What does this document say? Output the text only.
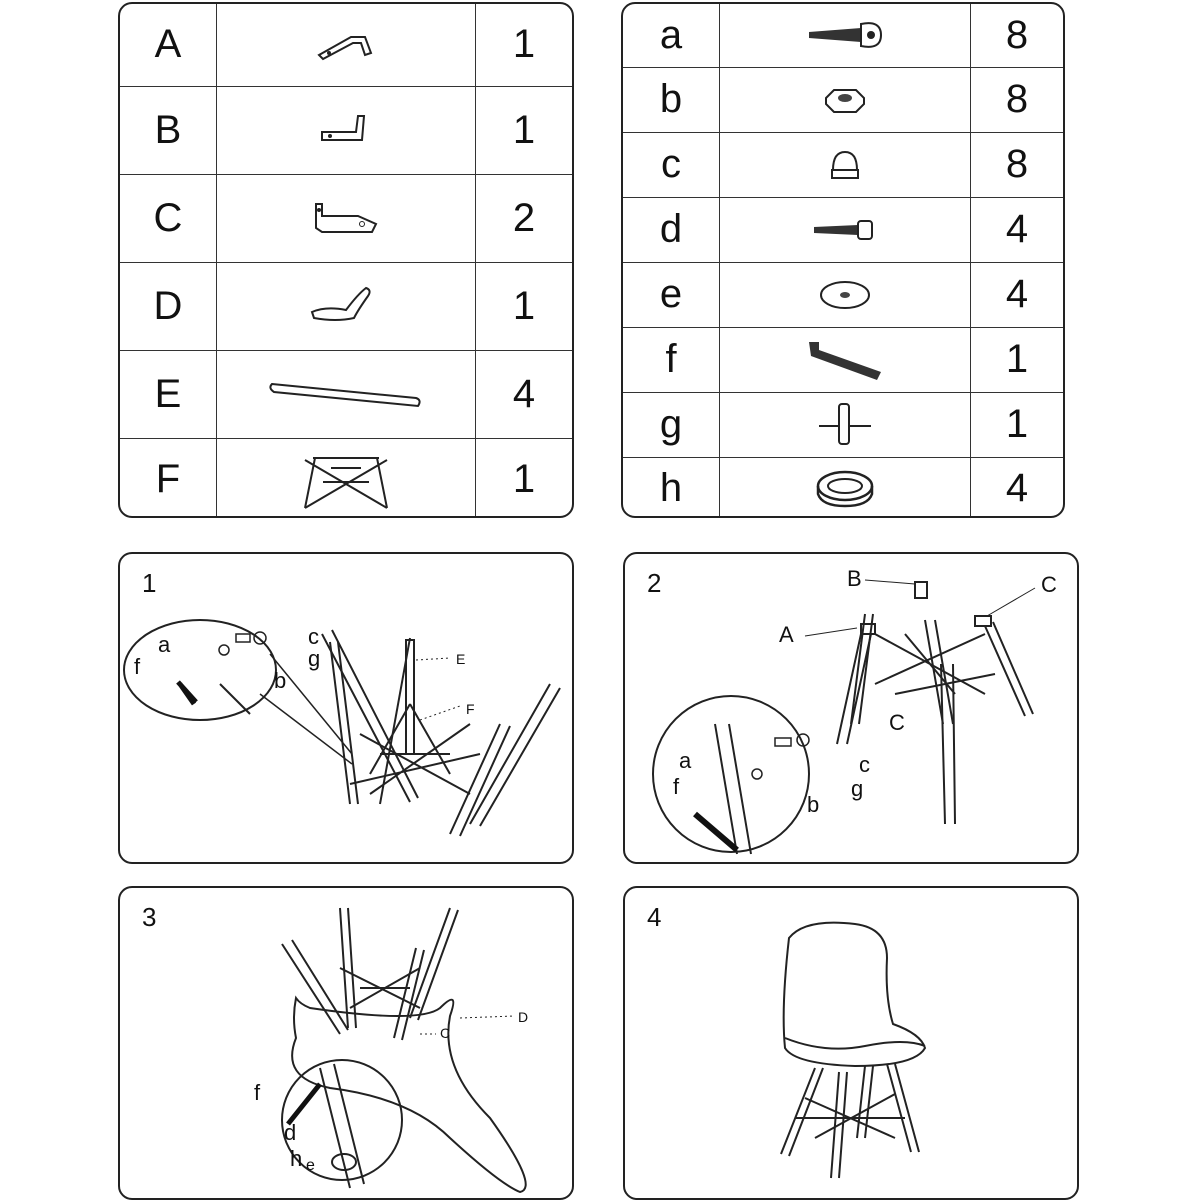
A		1
B		1
C		2
D		1
E		4
F		1
a		8
b		8
c		8
d		4
e		4
f		1
g		1
h		4
1
a
f
c
g
b
E
F
2	B	C
A
C
a
f
c
g
b
3
D
C
f
d
h e
4
